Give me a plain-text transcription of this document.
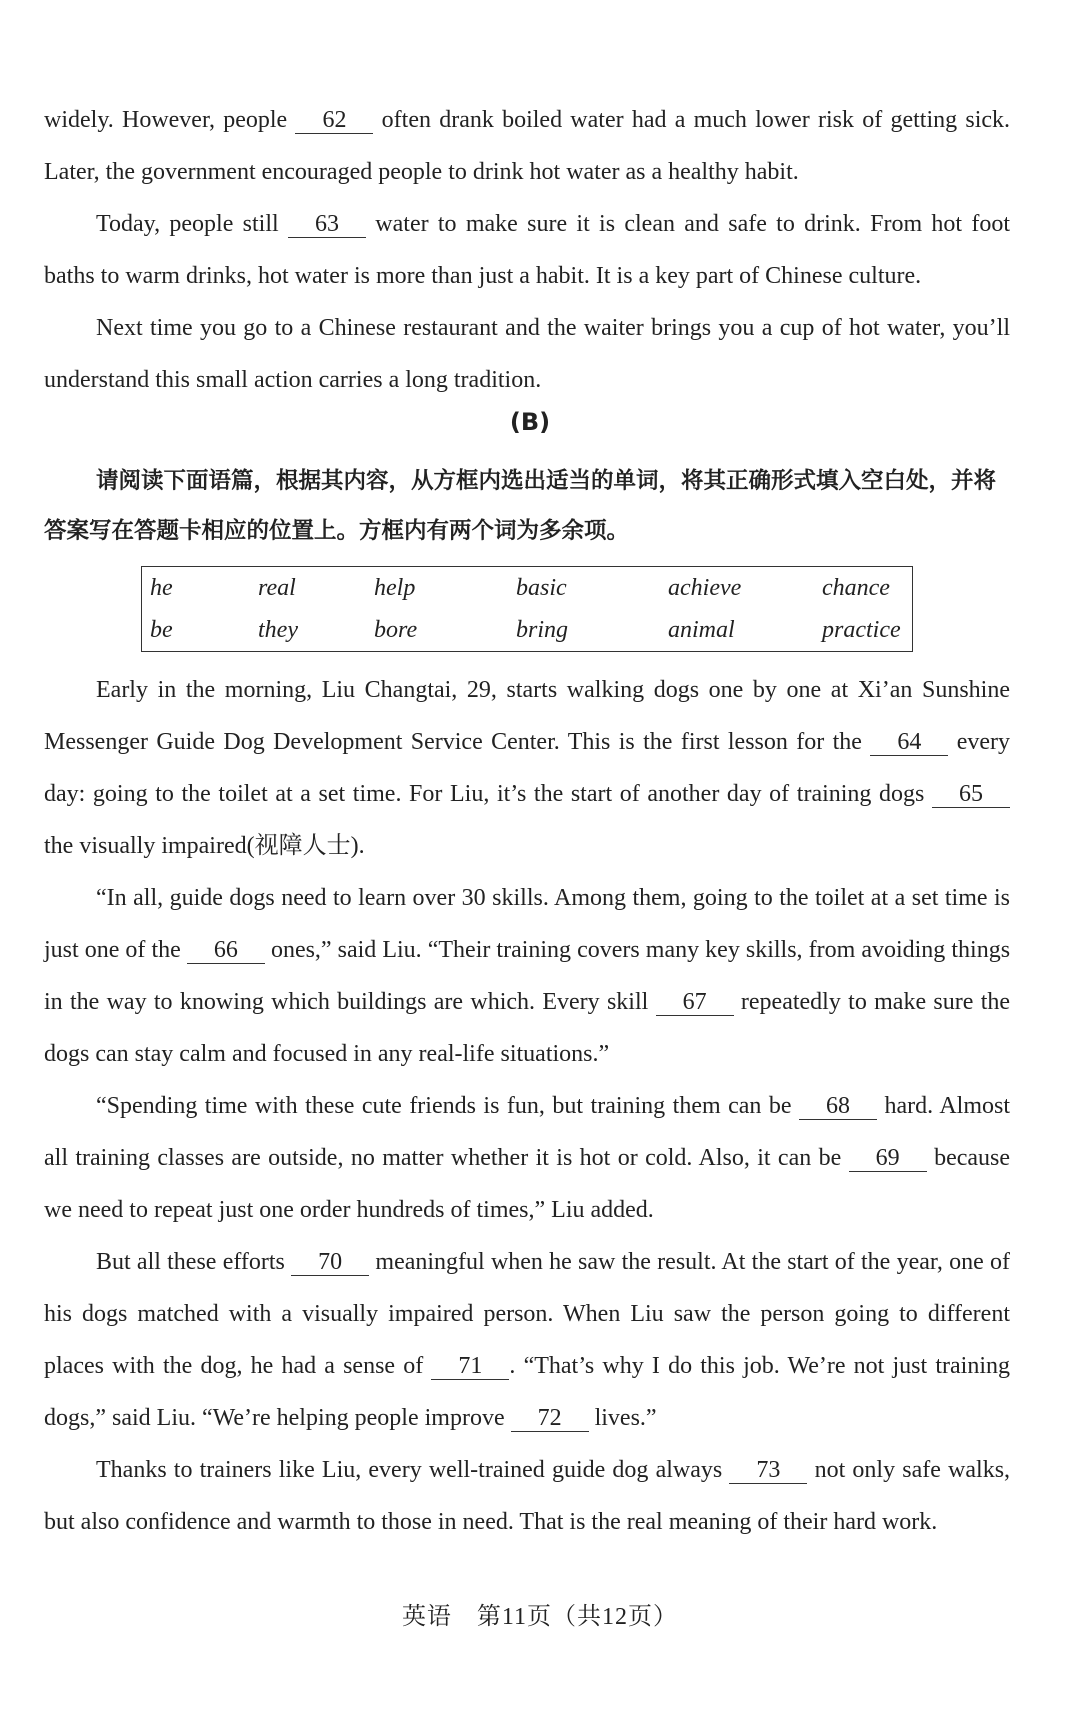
widely. However, people 62 often drank boiled water had a much lower risk of getting sick. Later, the government encouraged people to drink hot water as a healthy habit.

Today, people still 63 water to make sure it is clean and safe to drink. From hot foot baths to warm drinks, hot water is more than just a habit. It is a key part of Chinese culture.

Next time you go to a Chinese restaurant and the waiter brings you a cup of hot water, you’ll understand this small action carries a long tradition.

(B)

请阅读下面语篇，根据其内容，从方框内选出适当的单词，将其正确形式填入空白处，并将答案写在答题卡相应的位置上。方框内有两个词为多余项。

he	real	help	basic	achieve	chance
be	they	bore	bring	animal	practice

Early in the morning, Liu Changtai, 29, starts walking dogs one by one at Xi’an Sunshine Messenger Guide Dog Development Service Center. This is the first lesson for the 64 every day: going to the toilet at a set time. For Liu, it’s the start of another day of training dogs 65 the visually impaired(视障人士).

“In all, guide dogs need to learn over 30 skills. Among them, going to the toilet at a set time is just one of the 66 ones,” said Liu. “Their training covers many key skills, from avoiding things in the way to knowing which buildings are which. Every skill 67 repeatedly to make sure the dogs can stay calm and focused in any real-life situations.”

“Spending time with these cute friends is fun, but training them can be 68 hard. Almost all training classes are outside, no matter whether it is hot or cold. Also, it can be 69 because we need to repeat just one order hundreds of times,” Liu added.

But all these efforts 70 meaningful when he saw the result. At the start of the year, one of his dogs matched with a visually impaired person. When Liu saw the person going to different places with the dog, he had a sense of 71 . “That’s why I do this job. We’re not just training dogs,” said Liu. “We’re helping people improve 72 lives.”

Thanks to trainers like Liu, every well-trained guide dog always 73 not only safe walks, but also confidence and warmth to those in need. That is the real meaning of their hard work.

英语　第11页（共12页）
